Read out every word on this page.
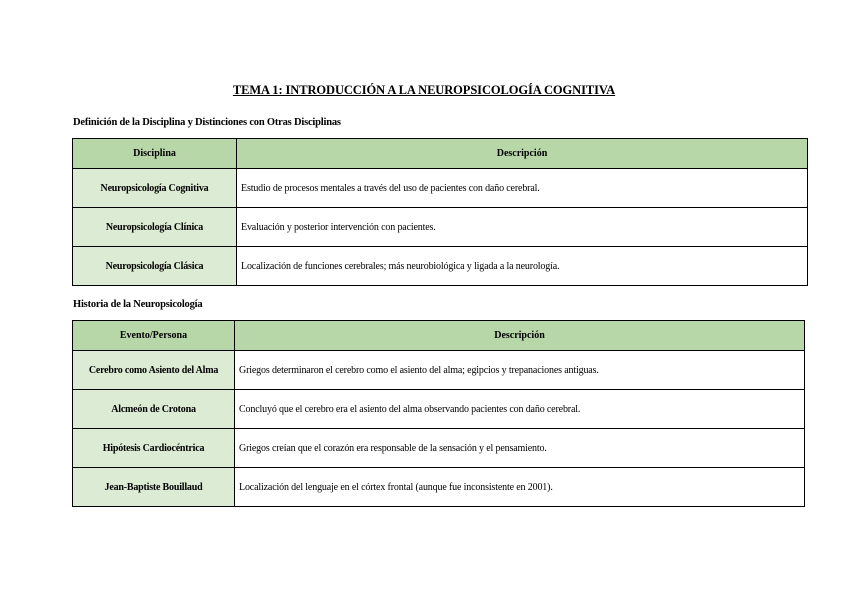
TEMA 1: INTRODUCCIÓN A LA NEUROPSICOLOGÍA COGNITIVA
Definición de la Disciplina y Distinciones con Otras Disciplinas
Disciplina	Descripción
Neuropsicología Cognitiva	Estudio de procesos mentales a través del uso de pacientes con daño cerebral.
Neuropsicología Clínica	Evaluación y posterior intervención con pacientes.
Neuropsicología Clásica	Localización de funciones cerebrales; más neurobiológica y ligada a la neurología.
Historia de la Neuropsicología
Evento/Persona	Descripción
Cerebro como Asiento del Alma	Griegos determinaron el cerebro como el asiento del alma; egipcios y trepanaciones antiguas.
Alcmeón de Crotona	Concluyó que el cerebro era el asiento del alma observando pacientes con daño cerebral.
Hipótesis Cardiocéntrica	Griegos creían que el corazón era responsable de la sensación y el pensamiento.
Jean-Baptiste Bouillaud	Localización del lenguaje en el córtex frontal (aunque fue inconsistente en 2001).
